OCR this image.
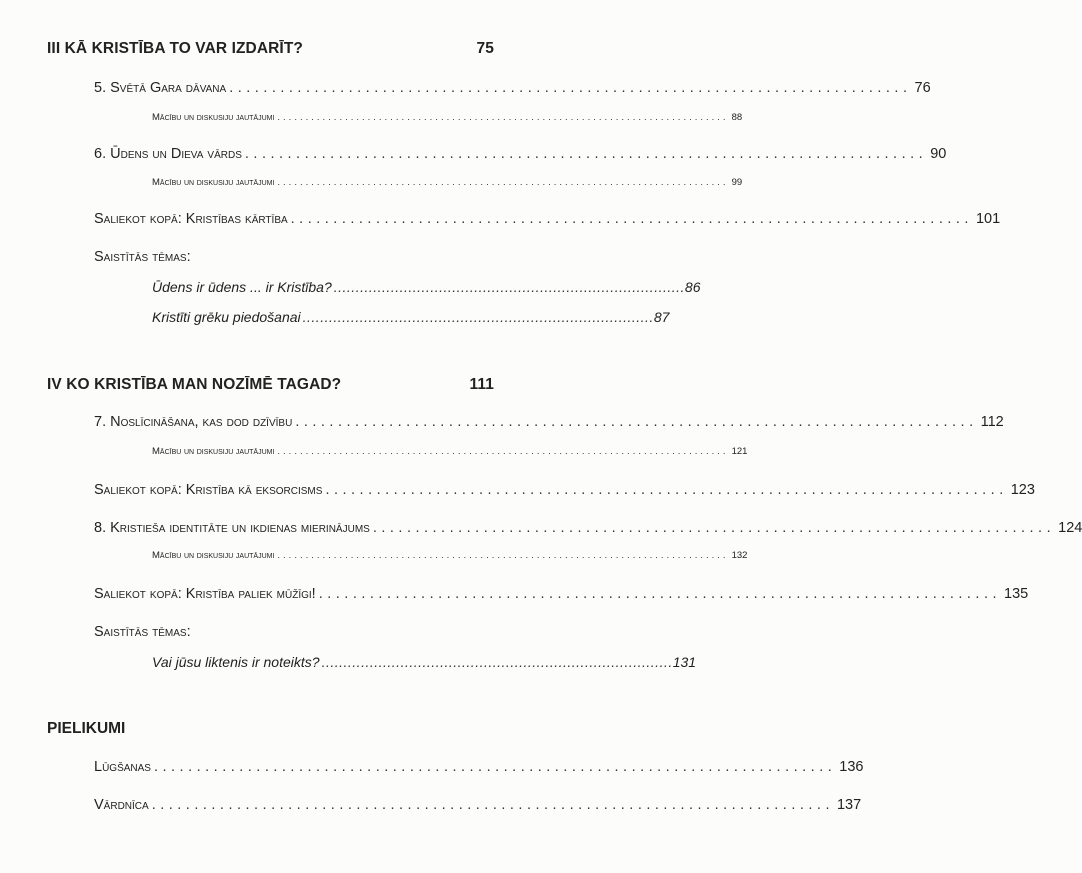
III KĀ KRISTĪBA TO VAR IZDARĪT?	75
5. Svētā Gara dāvana ................................................................................ 76
Mācību un diskusiju jautājumi ................................................................................ 88
6. Ūdens un Dieva vārds ................................................................................ 90
Mācību un diskusiju jautājumi ................................................................................ 99
Saliekot kopā: Kristības kārtība ................................................................................ 101
Saistītās tēmas:
Ūdens ir ūdens ... ir Kristība? ................................................................................ 86
Kristīti grēku piedošanai ................................................................................ 87
IV KO KRISTĪBA MAN NOZĪMĒ TAGAD?	111
7. Noslīcināšana, kas dod dzīvību ................................................................................ 112
Mācību un diskusiju jautājumi ................................................................................ 121
Saliekot kopā: Kristība kā eksorcisms ................................................................................ 123
8. Kristieša identitāte un ikdienas mierinājums ................................................................................ 124
Mācību un diskusiju jautājumi ................................................................................ 132
Saliekot kopā: Kristība paliek mūžīgi! ................................................................................ 135
Saistītās tēmas:
Vai jūsu liktenis ir noteikts? ................................................................................ 131
PIELIKUMI
Lūgšanas ................................................................................ 136
Vārdnīca ................................................................................ 137
